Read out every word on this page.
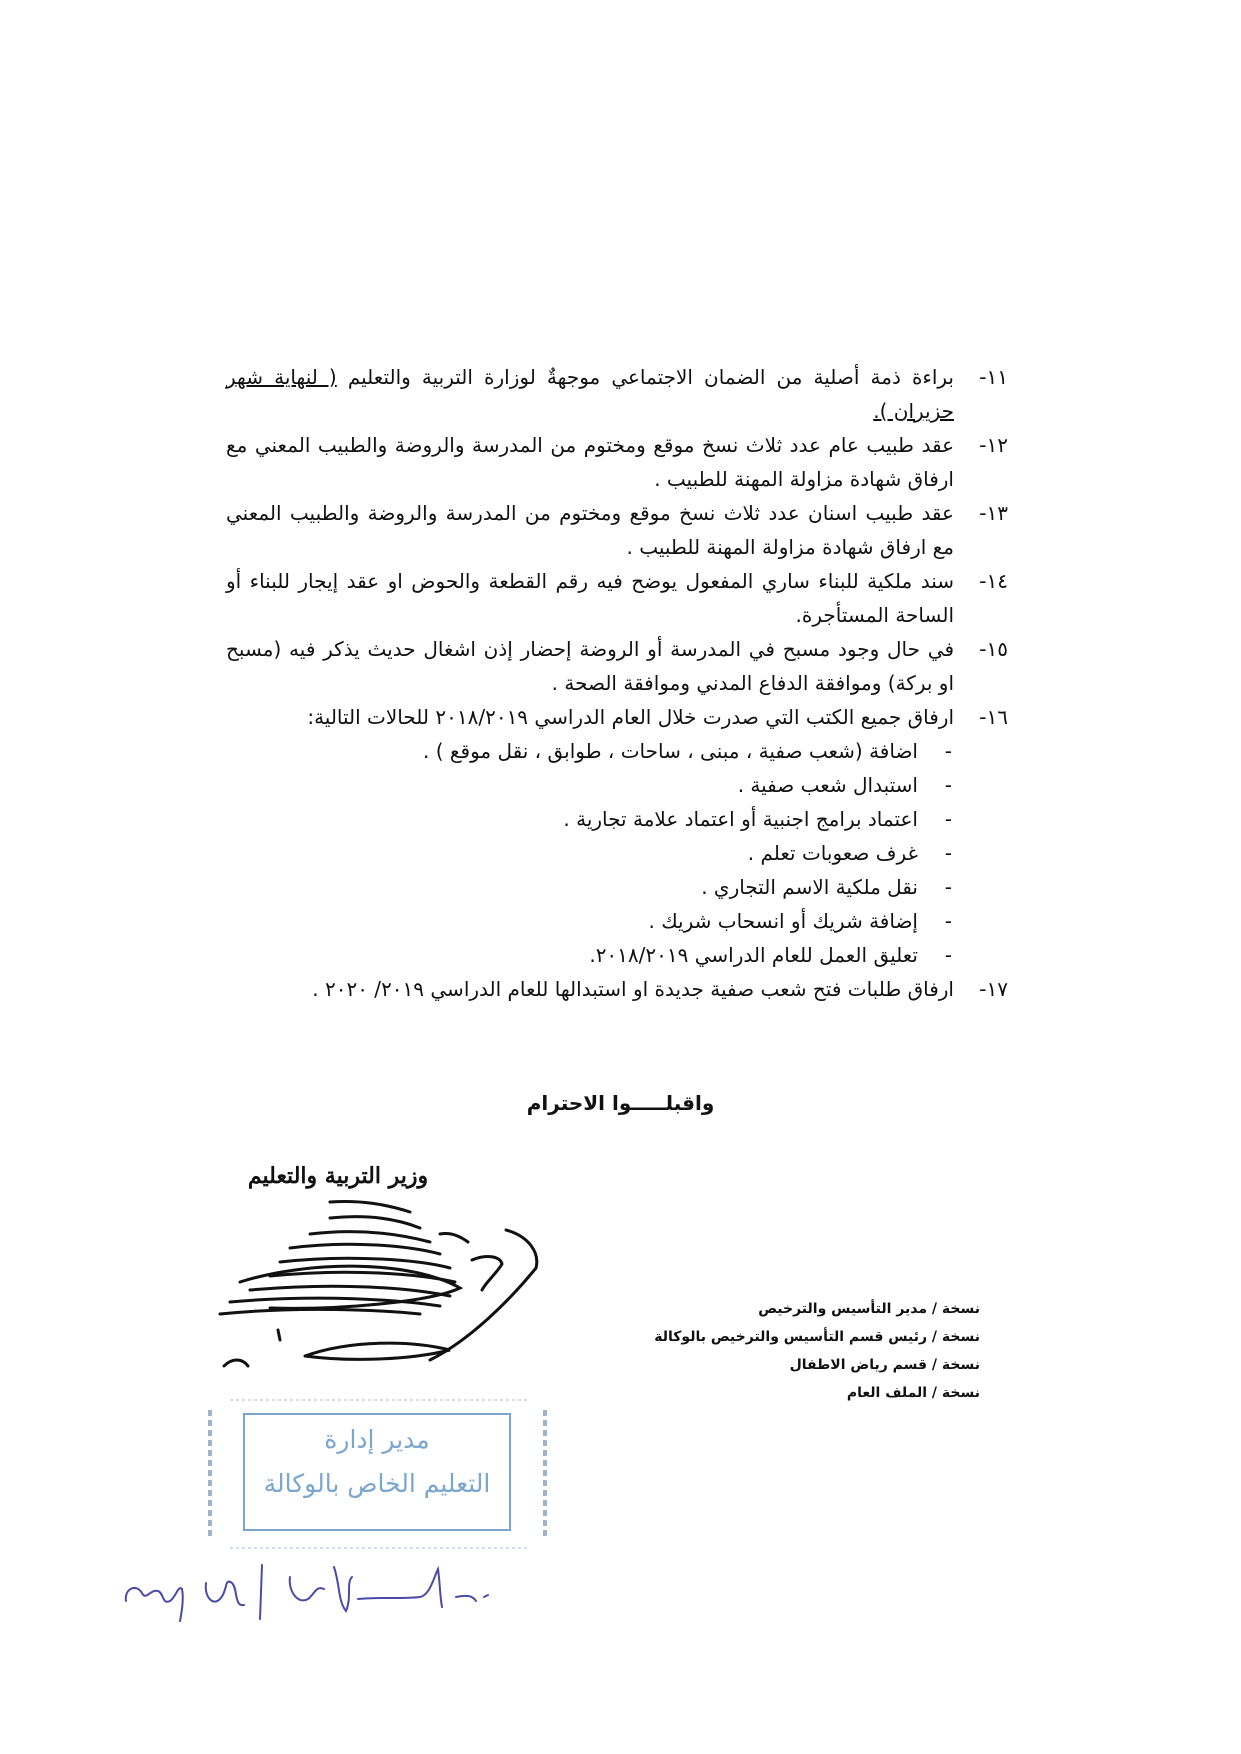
١١-
براءة ذمة أصلية من الضمان الاجتماعي موجهةٌ لوزارة التربية والتعليم ( لنهاية شهر حزيران ).
١٢-
عقد طبيب عام عدد ثلاث نسخ موقع ومختوم من المدرسة والروضة والطبيب المعني مع ارفاق شهادة مزاولة المهنة للطبيب .
١٣-
عقد طبيب اسنان عدد ثلاث نسخ موقع ومختوم من المدرسة والروضة والطبيب المعني مع ارفاق شهادة مزاولة المهنة للطبيب .
١٤-
سند ملكية للبناء ساري المفعول يوضح فيه رقم القطعة والحوض او عقد إيجار للبناء أو الساحة المستأجرة.
١٥-
في حال وجود مسبح في المدرسة أو الروضة إحضار إذن اشغال حديث يذكر فيه (مسبح او بركة) وموافقة الدفاع المدني وموافقة الصحة .
١٦-
ارفاق جميع الكتب التي صدرت خلال العام الدراسي ٢٠١٨/٢٠١٩ للحالات التالية:
-
اضافة (شعب صفية ، مبنى ، ساحات ، طوابق ، نقل موقع ) .
-
استبدال شعب صفية .
-
اعتماد برامج اجنبية أو اعتماد علامة تجارية .
-
غرف صعوبات تعلم .
-
نقل ملكية الاسم التجاري .
-
إضافة شريك أو انسحاب شريك .
-
تعليق العمل للعام الدراسي ٢٠١٨/٢٠١٩.
١٧-
ارفاق طلبات فتح شعب صفية جديدة او استبدالها للعام الدراسي ٢٠١٩/ ٢٠٢٠ .
واقبلـــــوا الاحترام
وزير التربية والتعليم
نسخة / مدير التأسيس والترخيص
نسخة / رئيس قسم التأسيس والترخيص بالوكالة
نسخة / قسم رياض الاطفال
نسخة / الملف العام
مدير إدارة
التعليم الخاص بالوكالة
